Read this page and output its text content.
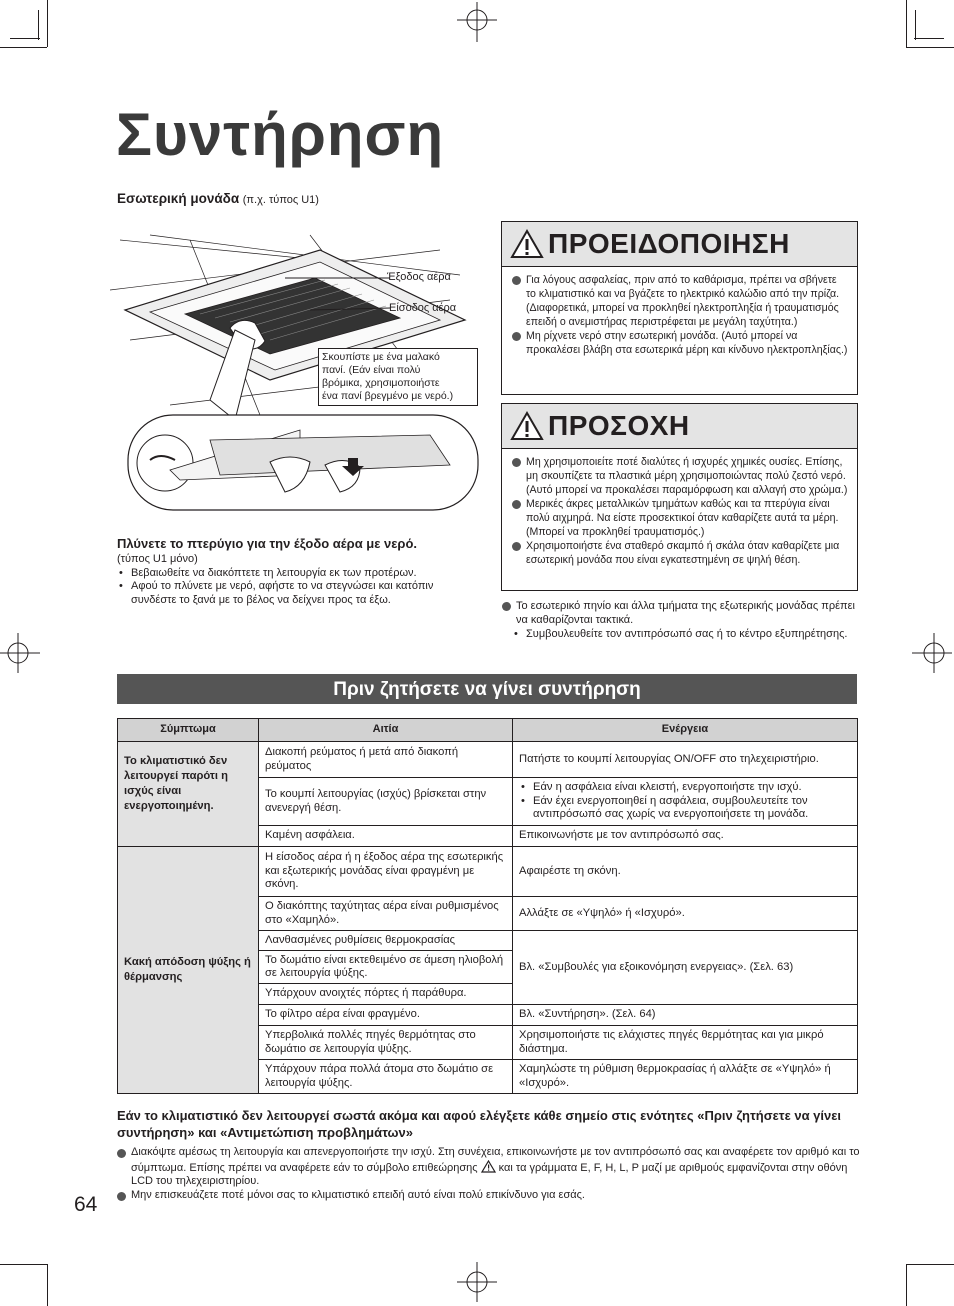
Συντήρηση
Εσωτερική μονάδα (π.χ. τύπος U1)
Έξοδος αέρα
Είσοδος αέρα
Σκουπίστε με ένα μαλακό
πανί. (Εάν είναι πολύ
βρόμικα, χρησιμοποιήστε
ένα πανί βρεγμένο με νερό.)
Πλύνετε το πτερύγιο για την έξοδο αέρα με νερό.
(τύπος U1 μόνο)
• Βεβαιωθείτε να διακόπτετε τη λειτουργία εκ των προτέρων.
• Αφού το πλύνετε με νερό, αφήστε το να στεγνώσει και κατόπιν συνδέστε το ξανά με το βέλος να δείχνει προς τα έξω.
ΠΡΟΕΙΔΟΠΟΙΗΣΗ
Για λόγους ασφαλείας, πριν από το καθάρισμα, πρέπει να σβήνετε το κλιματιστικό και να βγάζετε το ηλεκτρικό καλώδιο από την πρίζα. (Διαφορετικά, μπορεί να προκληθεί ηλεκτροπληξία ή τραυματισμός επειδή ο ανεμιστήρας περιστρέφεται με μεγάλη ταχύτητα.)
Μη ρίχνετε νερό στην εσωτερική μονάδα. (Αυτό μπορεί να προκαλέσει βλάβη στα εσωτερικά μέρη και κίνδυνο ηλεκτροπληξίας.)
ΠΡΟΣΟΧΗ
Μη χρησιμοποιείτε ποτέ διαλύτες ή ισχυρές χημικές ουσίες. Επίσης, μη σκουπίζετε τα πλαστικά μέρη χρησιμοποιώντας πολύ ζεστό νερό. (Αυτό μπορεί να προκαλέσει παραμόρφωση και αλλαγή στο χρώμα.)
Μερικές άκρες μεταλλικών τμημάτων καθώς και τα πτερύγια είναι πολύ αιχμηρά. Να είστε προσεκτικοί όταν καθαρίζετε αυτά τα μέρη. (Μπορεί να προκληθεί τραυματισμός.)
Χρησιμοποιήστε ένα σταθερό σκαμπό ή σκάλα όταν καθαρίζετε μια εσωτερική μονάδα που είναι εγκατεστημένη σε ψηλή θέση.
Το εσωτερικό πηνίο και άλλα τμήματα της εξωτερικής μονάδας πρέπει να καθαρίζονται τακτικά.
• Συμβουλευθείτε τον αντιπρόσωπό σας ή το κέντρο εξυπηρέτησης.
Πριν ζητήσετε να γίνει συντήρηση
Σύμπτωμα	Αιτία	Ενέργεια
Το κλιματιστικό δεν λειτουργεί παρότι η ισχύς είναι ενεργοποιημένη.	Διακοπή ρεύματος ή μετά από διακοπή ρεύματος	Πατήστε το κουμπί λειτουργίας ON/OFF στο τηλεχειριστήριο.
	Το κουμπί λειτουργίας (ισχύς) βρίσκεται στην ανενεργή θέση.	• Εάν η ασφάλεια είναι κλειστή, ενεργοποιήστε την ισχύ.
• Εάν έχει ενεργοποιηθεί η ασφάλεια, συμβουλευτείτε τον αντιπρόσωπό σας χωρίς να ενεργοποιήσετε τη μονάδα.

	Καμένη ασφάλεια.	Επικοινωνήστε με τον αντιπρόσωπό σας.
Κακή απόδοση ψύξης ή θέρμανσης	Η είσοδος αέρα ή η έξοδος αέρα της εσωτερικής και εξωτερικής μονάδας είναι φραγμένη με σκόνη.	Αφαιρέστε τη σκόνη.
	Ο διακόπτης ταχύτητας αέρα είναι ρυθμισμένος στο «Χαμηλό».	Αλλάξτε σε «Υψηλό» ή «Ισχυρό».
	Λανθασμένες ρυθμίσεις θερμοκρασίας	Βλ. «Συμβουλές για εξοικονόμηση ενεργειας». (Σελ. 63)
	Το δωμάτιο είναι εκτεθειμένο σε άμεση ηλιοβολή σε λειτουργία ψύξης.	
	Υπάρχουν ανοιχτές πόρτες ή παράθυρα.	
	Το φίλτρο αέρα είναι φραγμένο.	Βλ. «Συντήρηση». (Σελ. 64)
	Υπερβολικά πολλές πηγές θερμότητας στο δωμάτιο σε λειτουργία ψύξης.	Χρησιμοποιήστε τις ελάχιστες πηγές θερμότητας και για μικρό διάστημα.
	Υπάρχουν πάρα πολλά άτομα στο δωμάτιο σε λειτουργία ψύξης.	Χαμηλώστε τη ρύθμιση θερμοκρασίας ή αλλάξτε σε «Υψηλό» ή «Ισχυρό».
Εάν το κλιματιστικό δεν λειτουργεί σωστά ακόμα και αφού ελέγξετε κάθε σημείο στις ενότητες «Πριν ζητήσετε να γίνει συντήρηση» και «Αντιμετώπιση προβλημάτων»
Διακόψτε αμέσως τη λειτουργία και απενεργοποιήστε την ισχύ. Στη συνέχεια, επικοινωνήστε με τον αντιπρόσωπό σας και αναφέρετε τον αριθμό και το σύμπτωμα. Επίσης πρέπει να αναφέρετε εάν το σύμβολο επιθεώρησης και τα γράμματα E, F, H, L, P μαζί με αριθμούς εμφανίζονται στην οθόνη LCD του τηλεχειριστηρίου.
Μην επισκευάζετε ποτέ μόνοι σας το κλιματιστικό επειδή αυτό είναι πολύ επικίνδυνο για εσάς.
64
